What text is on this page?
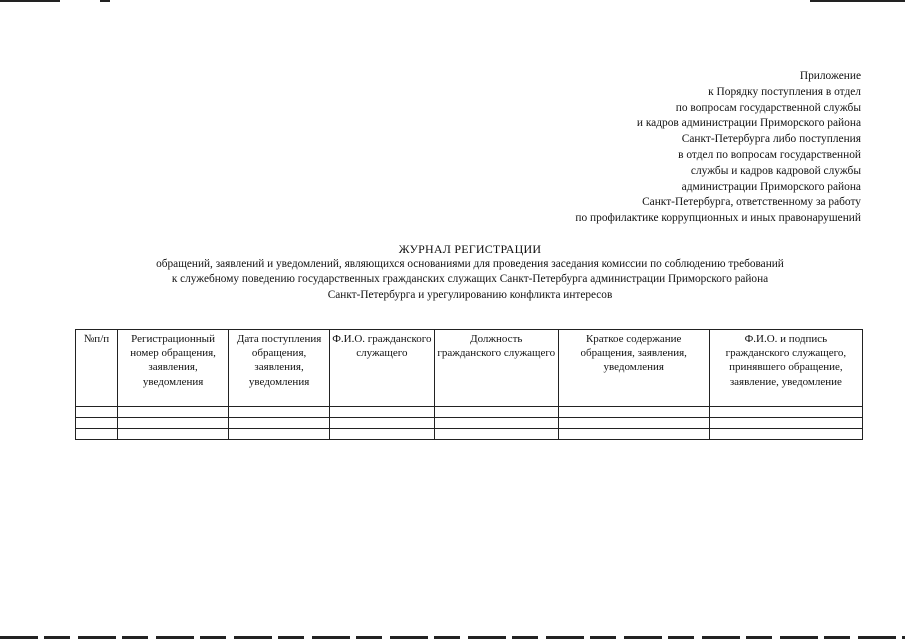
Приложение
к Порядку поступления в отдел
по вопросам государственной службы
и кадров администрации Приморского района
Санкт-Петербурга либо поступления
в отдел по вопросам государственной
службы и кадров кадровой службы
администрации Приморского района
Санкт-Петербурга, ответственному за работу
по профилактике коррупционных и иных правонарушений
ЖУРНАЛ РЕГИСТРАЦИИ
обращений, заявлений и уведомлений, являющихся основаниями для проведения заседания комиссии по соблюдению требований
к служебному поведению государственных гражданских служащих Санкт-Петербурга администрации Приморского района
Санкт-Петербурга и урегулированию конфликта интересов
№п/п	Регистрационный номер обращения, заявления, уведомления	Дата поступления обращения, заявления, уведомления	Ф.И.О. гражданского служащего	Должность гражданского служащего	Краткое содержание обращения, заявления, уведомления	Ф.И.О. и подпись гражданского служащего, принявшего обращение, заявление, уведомление
